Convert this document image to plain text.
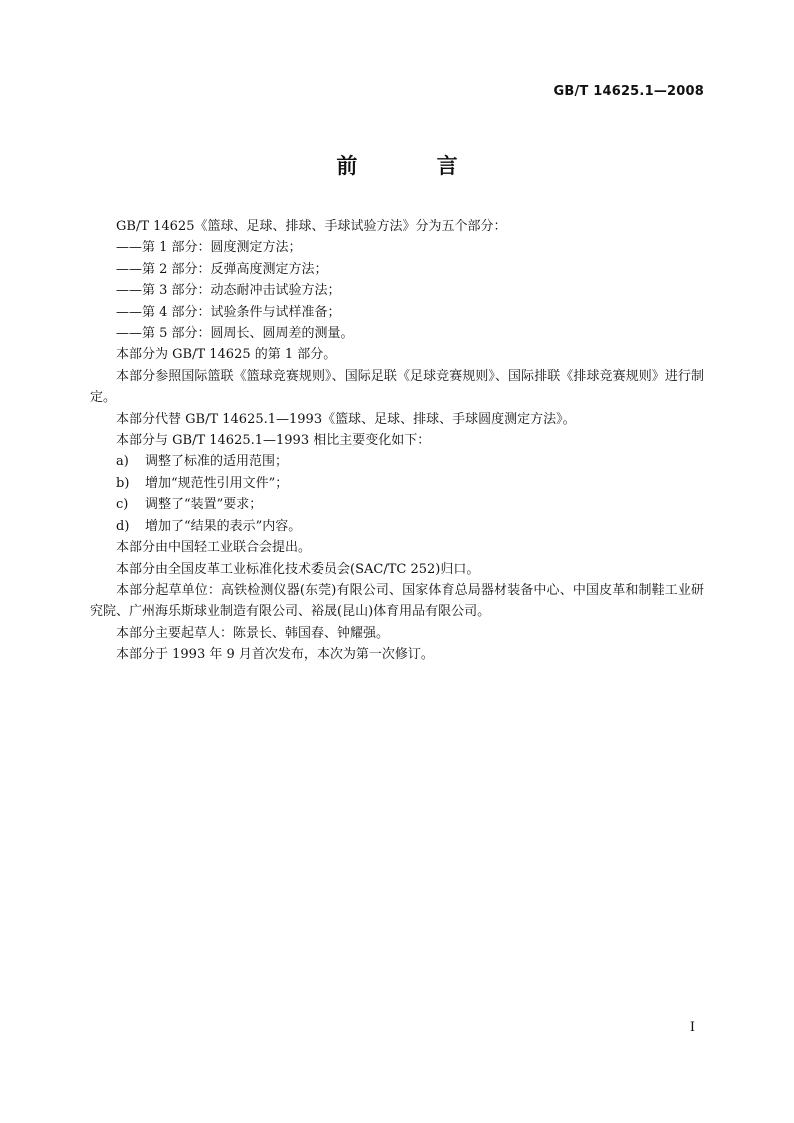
GB/T 14625.1—2008
前 言

GB/T 14625《篮球、足球、排球、手球试验方法》分为五个部分：

——第 1 部分：圆度测定方法；

——第 2 部分：反弹高度测定方法；

——第 3 部分：动态耐冲击试验方法；

——第 4 部分：试验条件与试样准备；

——第 5 部分：圆周长、圆周差的测量。

本部分为 GB/T 14625 的第 1 部分。

本部分参照国际篮联《篮球竞赛规则》、国际足联《足球竞赛规则》、国际排联《排球竞赛规则》进行制定。

本部分代替 GB/T 14625.1—1993《篮球、足球、排球、手球圆度测定方法》。

本部分与 GB/T 14625.1—1993 相比主要变化如下：

a) 调整了标准的适用范围；

b) 增加“规范性引用文件”；

c) 调整了“装置”要求；

d) 增加了“结果的表示”内容。

本部分由中国轻工业联合会提出。

本部分由全国皮革工业标准化技术委员会(SAC/TC 252)归口。

本部分起草单位：高铁检测仪器(东莞)有限公司、国家体育总局器材装备中心、中国皮革和制鞋工业研究院、广州海乐斯球业制造有限公司、裕晟(昆山)体育用品有限公司。

本部分主要起草人：陈景长、韩国春、钟耀强。

本部分于 1993 年 9 月首次发布，本次为第一次修订。

I
